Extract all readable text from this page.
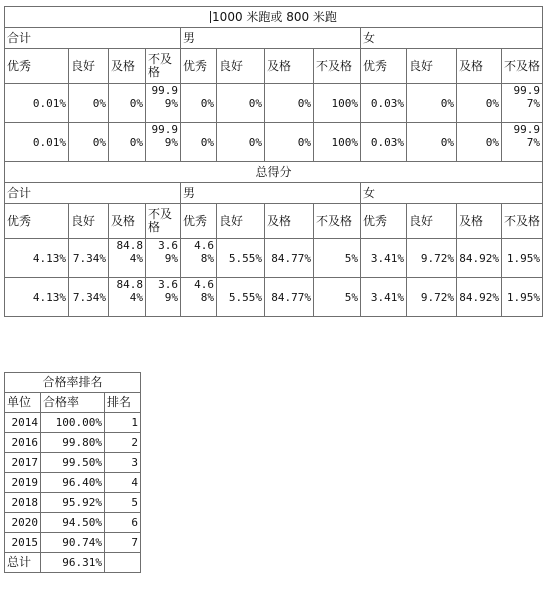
1000 米跑或 800 米跑											
合计				男				女			
优秀	良好	及格	不及格	优秀	良好	及格	不及格	优秀	良好	及格	不及格
0.01%	0%	0%	99.99%	0%	0%	0%	100%	0.03%	0%	0%	99.97%
0.01%	0%	0%	99.99%	0%	0%	0%	100%	0.03%	0%	0%	99.97%
总得分											
合计				男				女			
优秀	良好	及格	不及格	优秀	良好	及格	不及格	优秀	良好	及格	不及格
4.13%	7.34%	84.84%	3.69%	4.68%	5.55%	84.77%	5%	3.41%	9.72%	84.92%	1.95%
4.13%	7.34%	84.84%	3.69%	4.68%	5.55%	84.77%	5%	3.41%	9.72%	84.92%	1.95%
合格率排名		
单位	合格率	排名
2014	100.00%	1
2016	99.80%	2
2017	99.50%	3
2019	96.40%	4
2018	95.92%	5
2020	94.50%	6
2015	90.74%	7
总计	96.31%	
